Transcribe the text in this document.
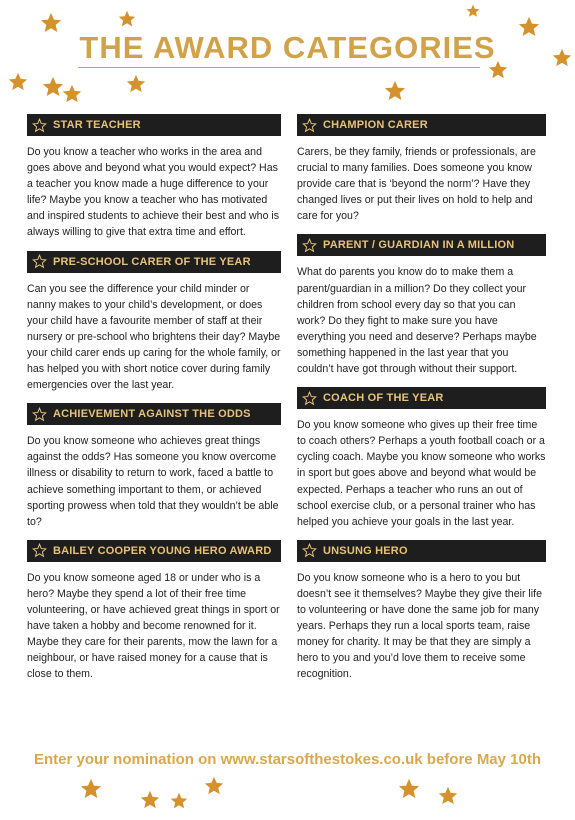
THE AWARD CATEGORIES
STAR TEACHER
Do you know a teacher who works in the area and goes above and beyond what you would expect? Has a teacher you know made a huge difference to your life? Maybe you know a teacher who has motivated and inspired students to achieve their best and who is always willing to give that extra time and effort.
PRE-SCHOOL CARER OF THE YEAR
Can you see the difference your child minder or nanny makes to your child’s development, or does your child have a favourite member of staff at their nursery or pre-school who brightens their day? Maybe your child carer ends up caring for the whole family, or has helped you with short notice cover during family emergencies over the last year.
ACHIEVEMENT AGAINST THE ODDS
Do you know someone who achieves great things against the odds? Has someone you know overcome illness or disability to return to work, faced a battle to achieve something important to them, or achieved sporting prowess when told that they wouldn’t be able to?
BAILEY COOPER YOUNG HERO AWARD
Do you know someone aged 18 or under who is a hero? Maybe they spend a lot of their free time volunteering, or have achieved great things in sport or have taken a hobby and become renowned for it. Maybe they care for their parents, mow the lawn for a neighbour, or have raised money for a cause that is close to them.
CHAMPION CARER
Carers, be they family, friends or professionals, are crucial to many families. Does someone you know provide care that is ‘beyond the norm’? Have they changed lives or put their lives on hold to help and care for you?
PARENT / GUARDIAN IN A MILLION
What do parents you know do to make them a parent/guardian in a million? Do they collect your children from school every day so that you can work? Do they fight to make sure you have everything you need and deserve? Perhaps maybe something happened in the last year that you couldn’t have got through without their support.
COACH OF THE YEAR
Do you know someone who gives up their free time to coach others? Perhaps a youth football coach or a cycling coach. Maybe you know someone who works in sport but goes above and beyond what would be expected. Perhaps a teacher who runs an out of school exercise club, or a personal trainer who has helped you achieve your goals in the last year.
UNSUNG HERO
Do you know someone who is a hero to you but doesn’t see it themselves? Maybe they give their life to volunteering or have done the same job for many years. Perhaps they run a local sports team, raise money for charity. It may be that they are simply a hero to you and you’d love them to receive some recognition.
Enter your nomination on www.starsofthestokes.co.uk before May 10th
